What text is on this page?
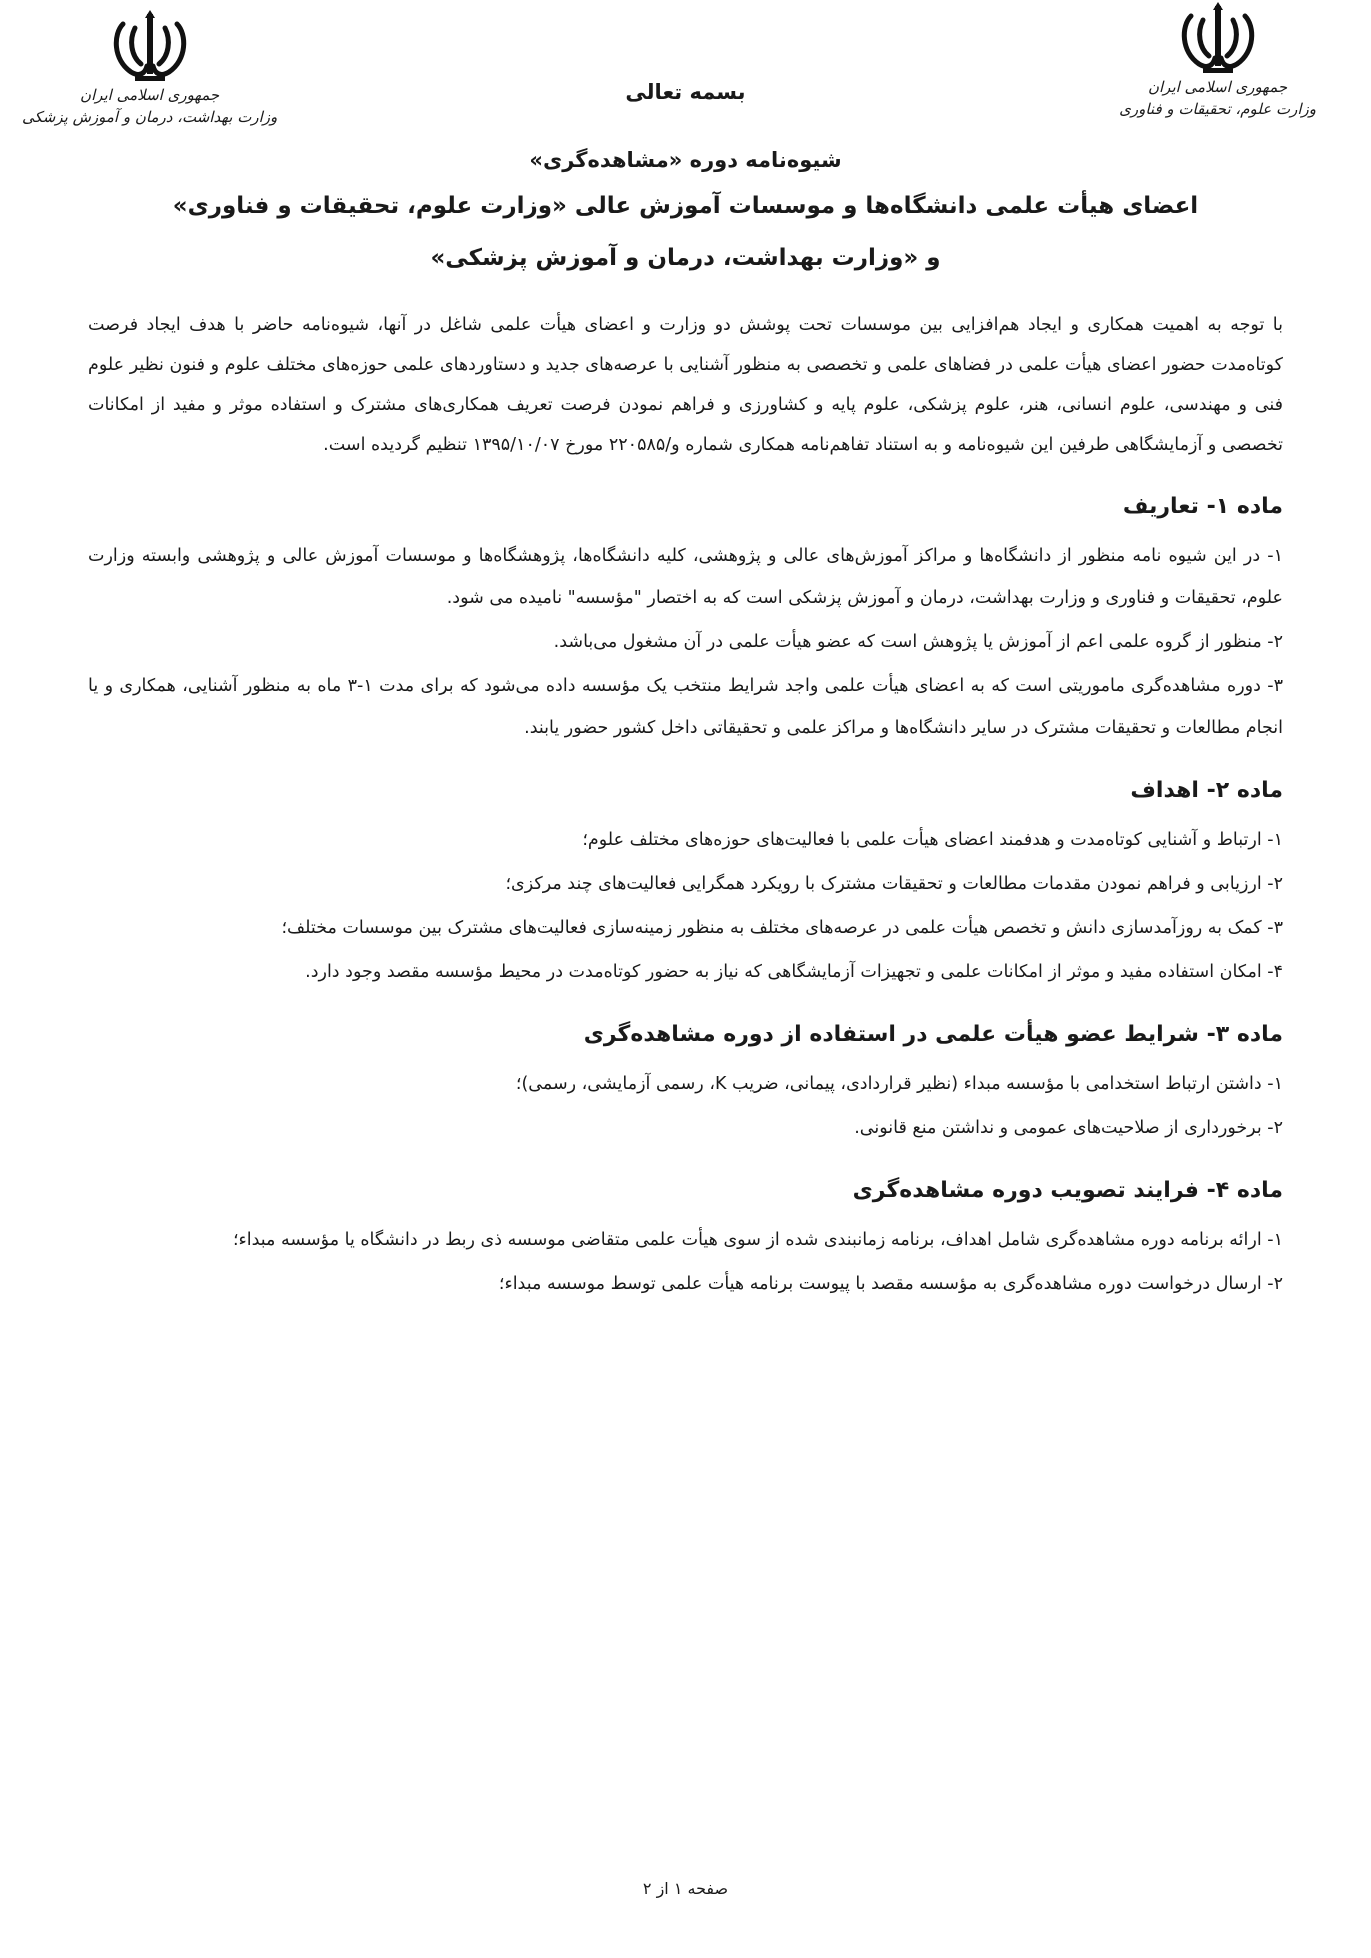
جمهوری اسلامی ایران
وزارت علوم، تحقیقات و فناوری
جمهوری اسلامی ایران
وزارت بهداشت، درمان و آموزش پزشکی
بسمه تعالی
شیوه‌نامه دوره «مشاهده‌گری»
اعضای هیأت علمی دانشگاه‌ها و موسسات آموزش عالی «وزارت علوم، تحقیقات و فناوری»
و «وزارت بهداشت، درمان و آموزش پزشکی»

با توجه به اهمیت همکاری و ایجاد هم‌افزایی بین موسسات تحت پوشش دو وزارت و اعضای هیأت علمی شاغل در آنها، شیوه‌نامه حاضر با هدف ایجاد فرصت کوتاه‌مدت حضور اعضای هیأت علمی در فضاهای علمی و تخصصی به منظور آشنایی با عرصه‌های جدید و دستاوردهای علمی حوزه‌های مختلف علوم و فنون نظیر علوم فنی و مهندسی، علوم انسانی، هنر، علوم پزشکی، علوم پایه و کشاورزی و فراهم نمودن فرصت تعریف همکاری‌های مشترک و استفاده موثر و مفید از امکانات تخصصی و آزمایشگاهی طرفین این شیوه‌نامه و به استناد تفاهم‌نامه همکاری شماره و/۲۲۰۵۸۵ مورخ ۱۳۹۵/۱۰/۰۷ تنظیم گردیده است.

ماده ۱- تعاریف

۱- در این شیوه نامه منظور از دانشگاه‌ها و مراکز آموزش‌های عالی و پژوهشی، کلیه دانشگاه‌ها، پژوهشگاه‌ها و موسسات آموزش عالی و پژوهشی وابسته وزارت علوم، تحقیقات و فناوری و وزارت بهداشت، درمان و آموزش پزشکی است که به اختصار "مؤسسه" نامیده می شود.

۲- منظور از گروه علمی اعم از آموزش یا پژوهش است که عضو هیأت علمی در آن مشغول می‌باشد.

۳- دوره مشاهده‌گری ماموریتی است که به اعضای هیأت علمی واجد شرایط منتخب یک مؤسسه داده می‌شود که برای مدت ۱-۳ ماه به منظور آشنایی، همکاری و یا انجام مطالعات و تحقیقات مشترک در سایر دانشگاه‌ها و مراکز علمی و تحقیقاتی داخل کشور حضور یابند.

ماده ۲- اهداف

۱- ارتباط و آشنایی کوتاه‌مدت و هدفمند اعضای هیأت علمی با فعالیت‌های حوزه‌های مختلف علوم؛

۲- ارزیابی و فراهم نمودن مقدمات مطالعات و تحقیقات مشترک با رویکرد همگرایی فعالیت‌های چند مرکزی؛

۳- کمک به روزآمدسازی دانش و تخصص هیأت علمی در عرصه‌های مختلف به منظور زمینه‌سازی فعالیت‌های مشترک بین موسسات مختلف؛

۴- امکان استفاده مفید و موثر از امکانات علمی و تجهیزات آزمایشگاهی که نیاز به حضور کوتاه‌مدت در محیط مؤسسه مقصد وجود دارد.

ماده ۳- شرایط عضو هیأت علمی در استفاده از دوره مشاهده‌گری

۱- داشتن ارتباط استخدامی با مؤسسه مبداء (نظیر قراردادی، پیمانی، ضریب K، رسمی آزمایشی، رسمی)؛

۲- برخورداری از صلاحیت‌های عمومی و نداشتن منع قانونی.

ماده ۴- فرایند تصویب دوره مشاهده‌گری

۱- ارائه برنامه دوره مشاهده‌گری شامل اهداف، برنامه زمانبندی شده از سوی هیأت علمی متقاضی موسسه ذی ربط در دانشگاه یا مؤسسه مبداء؛

۲- ارسال درخواست دوره مشاهده‌گری به مؤسسه مقصد با پیوست برنامه هیأت علمی توسط موسسه مبداء؛

صفحه ۱ از ۲
